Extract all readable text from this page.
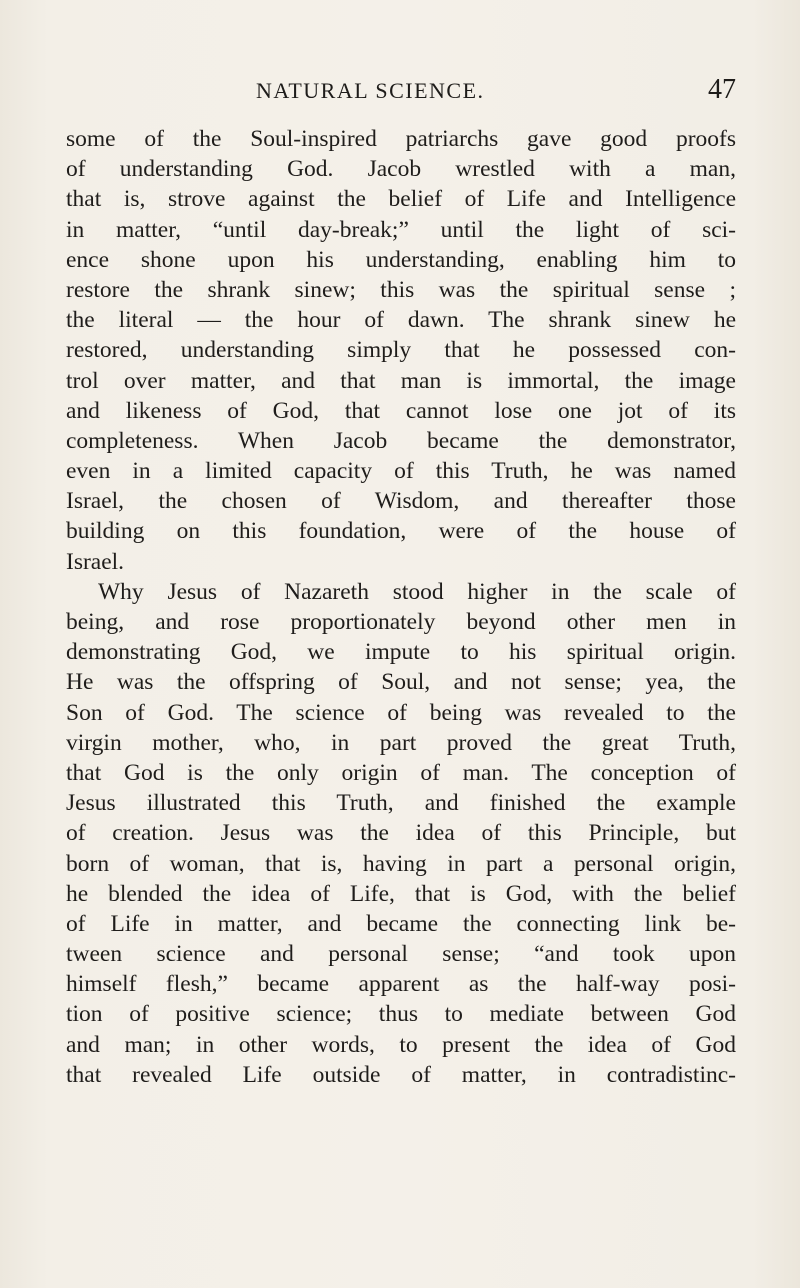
NATURAL SCIENCE.	47
some of the Soul-inspired patriarchs gave good proofs
of understanding God. Jacob wrestled with a man,
that is, strove against the belief of Life and Intelligence
in matter, “until day-break;” until the light of sci-
ence shone upon his understanding, enabling him to
restore the shrank sinew; this was the spiritual sense ;
the literal — the hour of dawn. The shrank sinew he
restored, understanding simply that he possessed con-
trol over matter, and that man is immortal, the image
and likeness of God, that cannot lose one jot of its
completeness. When Jacob became the demonstrator,
even in a limited capacity of this Truth, he was named
Israel, the chosen of Wisdom, and thereafter those
building on this foundation, were of the house of
Israel.
Why Jesus of Nazareth stood higher in the scale of
being, and rose proportionately beyond other men in
demonstrating God, we impute to his spiritual origin.
He was the offspring of Soul, and not sense; yea, the
Son of God. The science of being was revealed to the
virgin mother, who, in part proved the great Truth,
that God is the only origin of man. The conception of
Jesus illustrated this Truth, and finished the example
of creation. Jesus was the idea of this Principle, but
born of woman, that is, having in part a personal origin,
he blended the idea of Life, that is God, with the belief
of Life in matter, and became the connecting link be-
tween science and personal sense; “and took upon
himself flesh,” became apparent as the half-way posi-
tion of positive science; thus to mediate between God
and man; in other words, to present the idea of God
that revealed Life outside of matter, in contradistinc-
